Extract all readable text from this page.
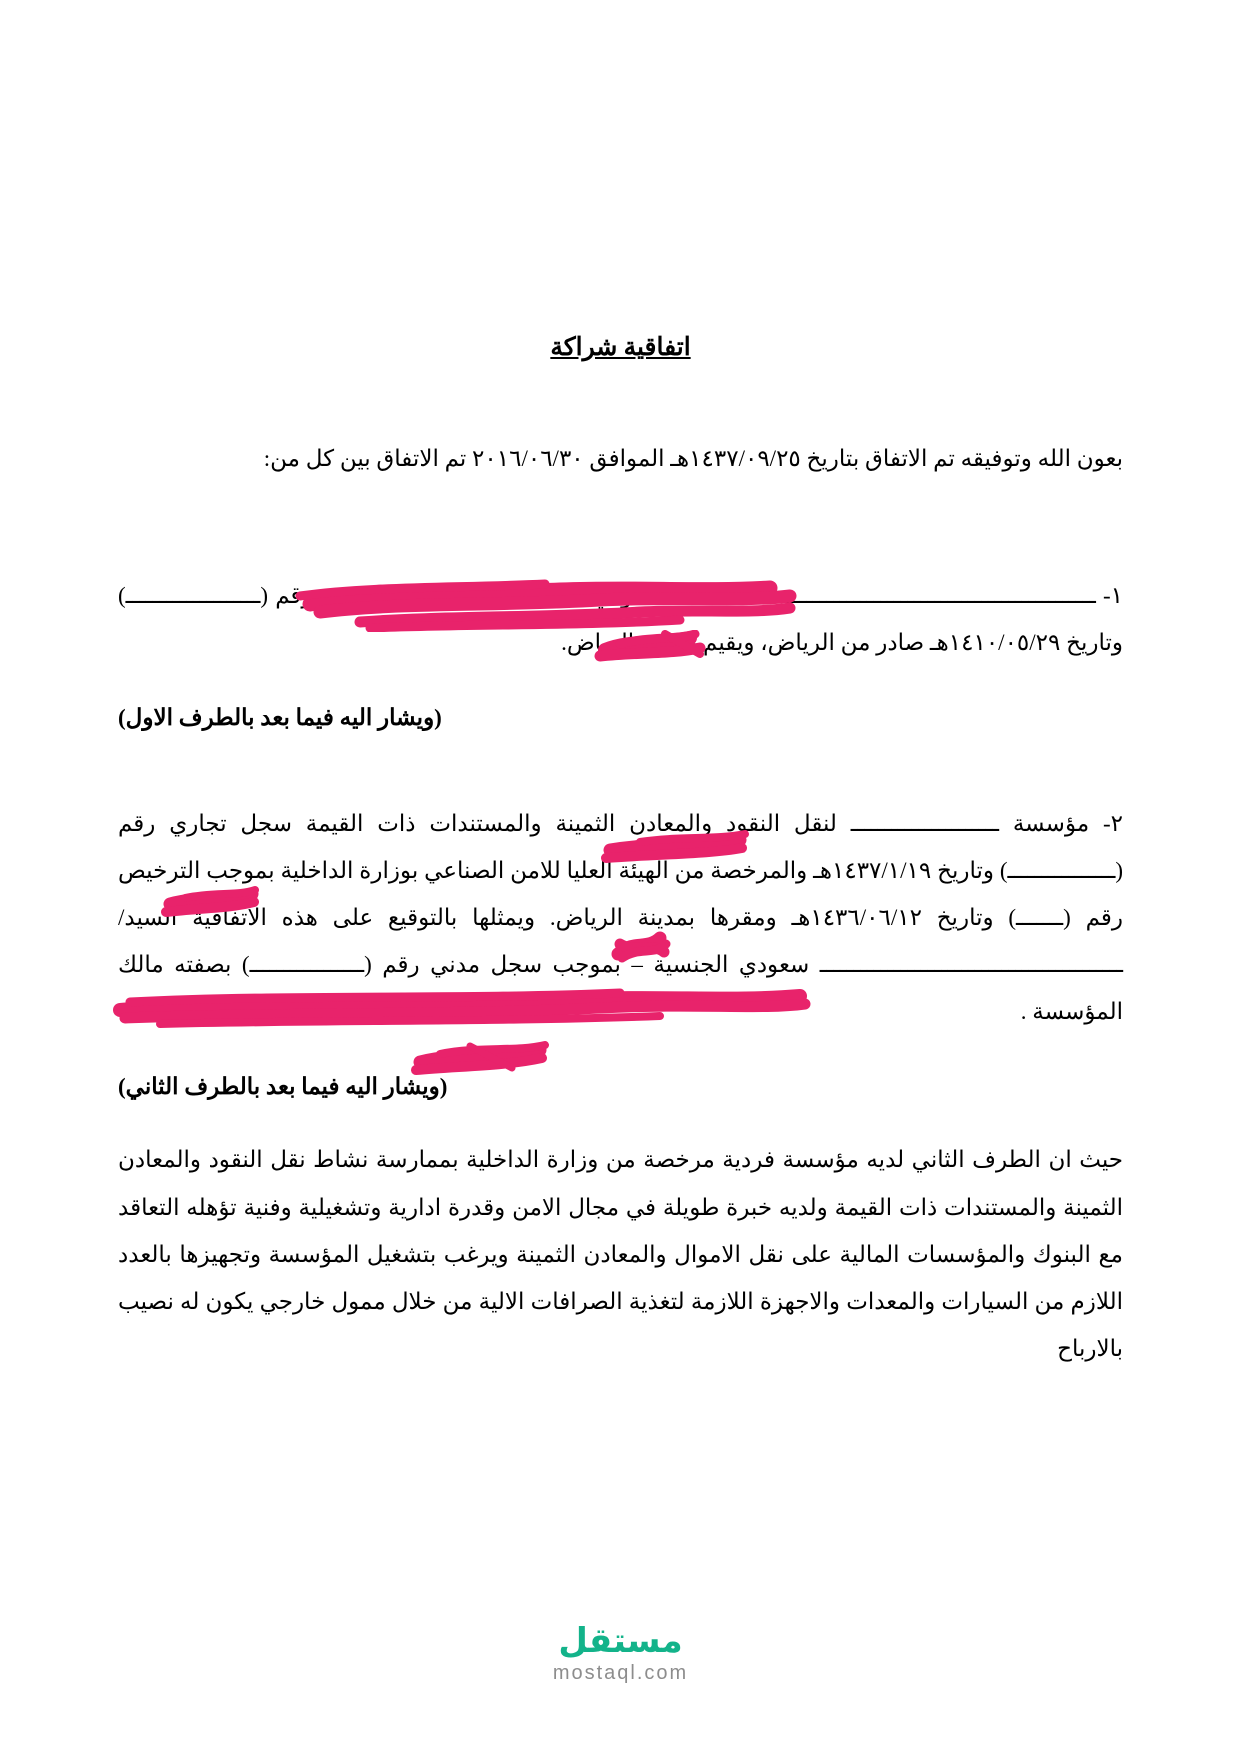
اتفاقية شراكة

بعون الله وتوفيقه تم الاتفاق بتاريخ ١٤٣٧/٠٩/٢٥هـ الموافق ٢٠١٦/٠٦/٣٠ تم الاتفاق بين كل من:

١- ــــــــــــــــــــــــــــــــــــــــــــــــــــــــــــــ، سعودي الجنسية بموجب سجل مدني رقم (ــــــــــــــــــــ) وتاريخ ١٤١٠/٠٥/٢٩هـ صادر من الرياض، ويقيم بمدينة الرياض.

(ويشار اليه فيما بعد بالطرف الاول)

٢- مؤسسة ــــــــــــــــــــــ لنقل النقود والمعادن الثمينة والمستندات ذات القيمة سجل تجاري رقم (ــــــــــــــــ) وتاريخ ١٤٣٧/١/١٩هـ والمرخصة من الهيئة العليا للامن الصناعي بوزارة الداخلية بموجب الترخيص رقم (ـــــــ) وتاريخ ١٤٣٦/٠٦/١٢هـ ومقرها بمدينة الرياض. ويمثلها بالتوقيع على هذه الاتفاقية السيد/ ـــــــــــــــــــــــــــــــــــــــــــــ سعودي الجنسية – بموجب سجل مدني رقم (ـــــــــــــــــ) بصفته مالك المؤسسة .

(ويشار اليه فيما بعد بالطرف الثاني)

حيث ان الطرف الثاني لديه مؤسسة فردية مرخصة من وزارة الداخلية بممارسة نشاط نقل النقود والمعادن الثمينة والمستندات ذات القيمة ولديه خبرة طويلة في مجال الامن وقدرة ادارية وتشغيلية وفنية تؤهله التعاقد مع البنوك والمؤسسات المالية على نقل الاموال والمعادن الثمينة ويرغب بتشغيل المؤسسة وتجهيزها بالعدد اللازم من السيارات والمعدات والاجهزة اللازمة لتغذية الصرافات الالية من خلال ممول خارجي يكون له نصيب بالارباح

مستقل
mostaql.com
